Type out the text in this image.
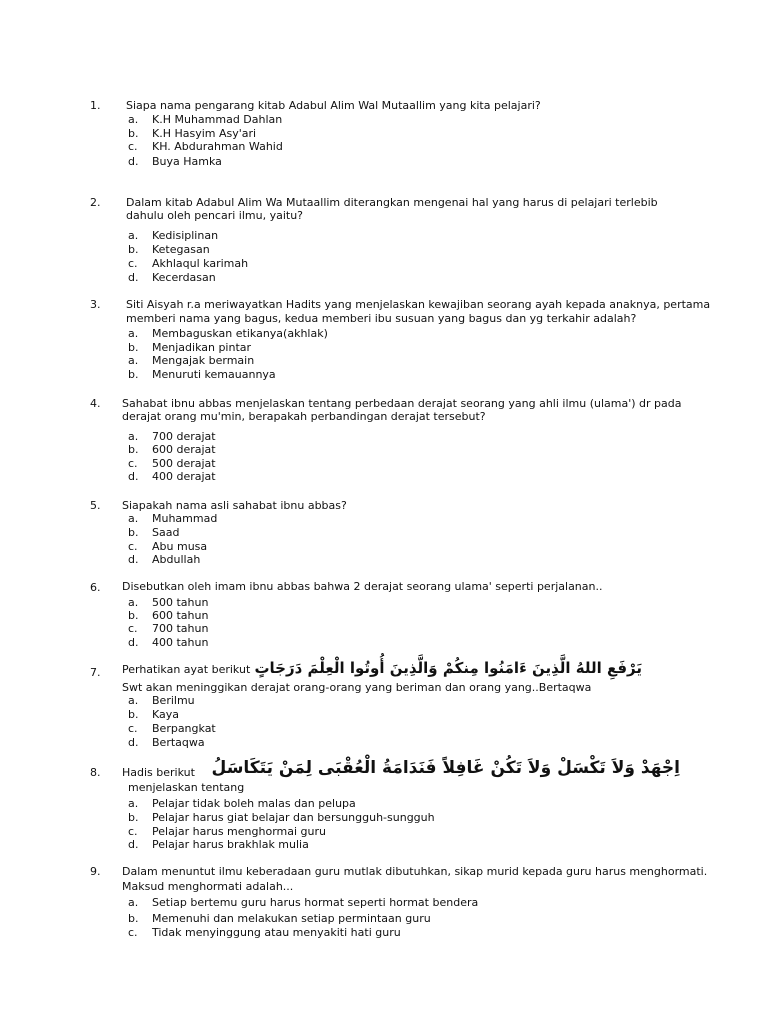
1. Siapa nama pengarang kitab Adabul Alim Wal Mutaallim yang kita pelajari?
a. K.H Muhammad Dahlan
b. K.H Hasyim Asy'ari
c. KH. Abdurahman Wahid
d. Buya Hamka
2. Dalam kitab Adabul Alim Wa Mutaallim diterangkan mengenai hal yang harus di pelajari terlebib
dahulu oleh pencari ilmu, yaitu?
a. Kedisiplinan
b. Ketegasan
c. Akhlaqul karimah
d. Kecerdasan
3. Siti Aisyah r.a meriwayatkan Hadits yang menjelaskan kewajiban seorang ayah kepada anaknya, pertama
memberi nama yang bagus, kedua memberi ibu susuan yang bagus dan yg terkahir adalah?
a. Membaguskan etikanya(akhlak)
b. Menjadikan pintar
a. Mengajak bermain
b. Menuruti kemauannya
4. Sahabat ibnu abbas menjelaskan tentang perbedaan derajat seorang yang ahli ilmu (ulama') dr pada
derajat orang mu'min, berapakah perbandingan derajat tersebut?
a. 700 derajat
b. 600 derajat
c. 500 derajat
d. 400 derajat
5. Siapakah nama asli sahabat ibnu abbas?
a. Muhammad
b. Saad
c. Abu musa
d. Abdullah
6. Disebutkan oleh imam ibnu abbas bahwa 2 derajat seorang ulama' seperti perjalanan..
a. 500 tahun
b. 600 tahun
c. 700 tahun
d. 400 tahun
7. Perhatikan ayat berikut يَرْفَعِ اللهُ الَّذِينَ ءَامَنُوا مِنكُمْ وَالَّذِينَ أُوتُوا الْعِلْمَ دَرَجَاتٍ
Swt akan meninggikan derajat orang-orang yang beriman dan orang yang..Bertaqwa
a. Berilmu
b. Kaya
c. Berpangkat
d. Bertaqwa
8. Hadis berikut اِجْهَدْ وَلاَ تَكْسَلْ وَلاَ تَكُنْ غَافِلاً فَنَدَامَةُ الْعُقْبَى لِمَنْ يَتَكَاسَلُ
menjelaskan tentang
a. Pelajar tidak boleh malas dan pelupa
b. Pelajar harus giat belajar dan bersungguh-sungguh
c. Pelajar harus menghormai guru
d. Pelajar harus brakhlak mulia
9. Dalam menuntut ilmu keberadaan guru mutlak dibutuhkan, sikap murid kepada guru harus menghormati.
Maksud menghormati adalah...
a. Setiap bertemu guru harus hormat seperti hormat bendera
b. Memenuhi dan melakukan setiap permintaan guru
c. Tidak menyinggung atau menyakiti hati guru
